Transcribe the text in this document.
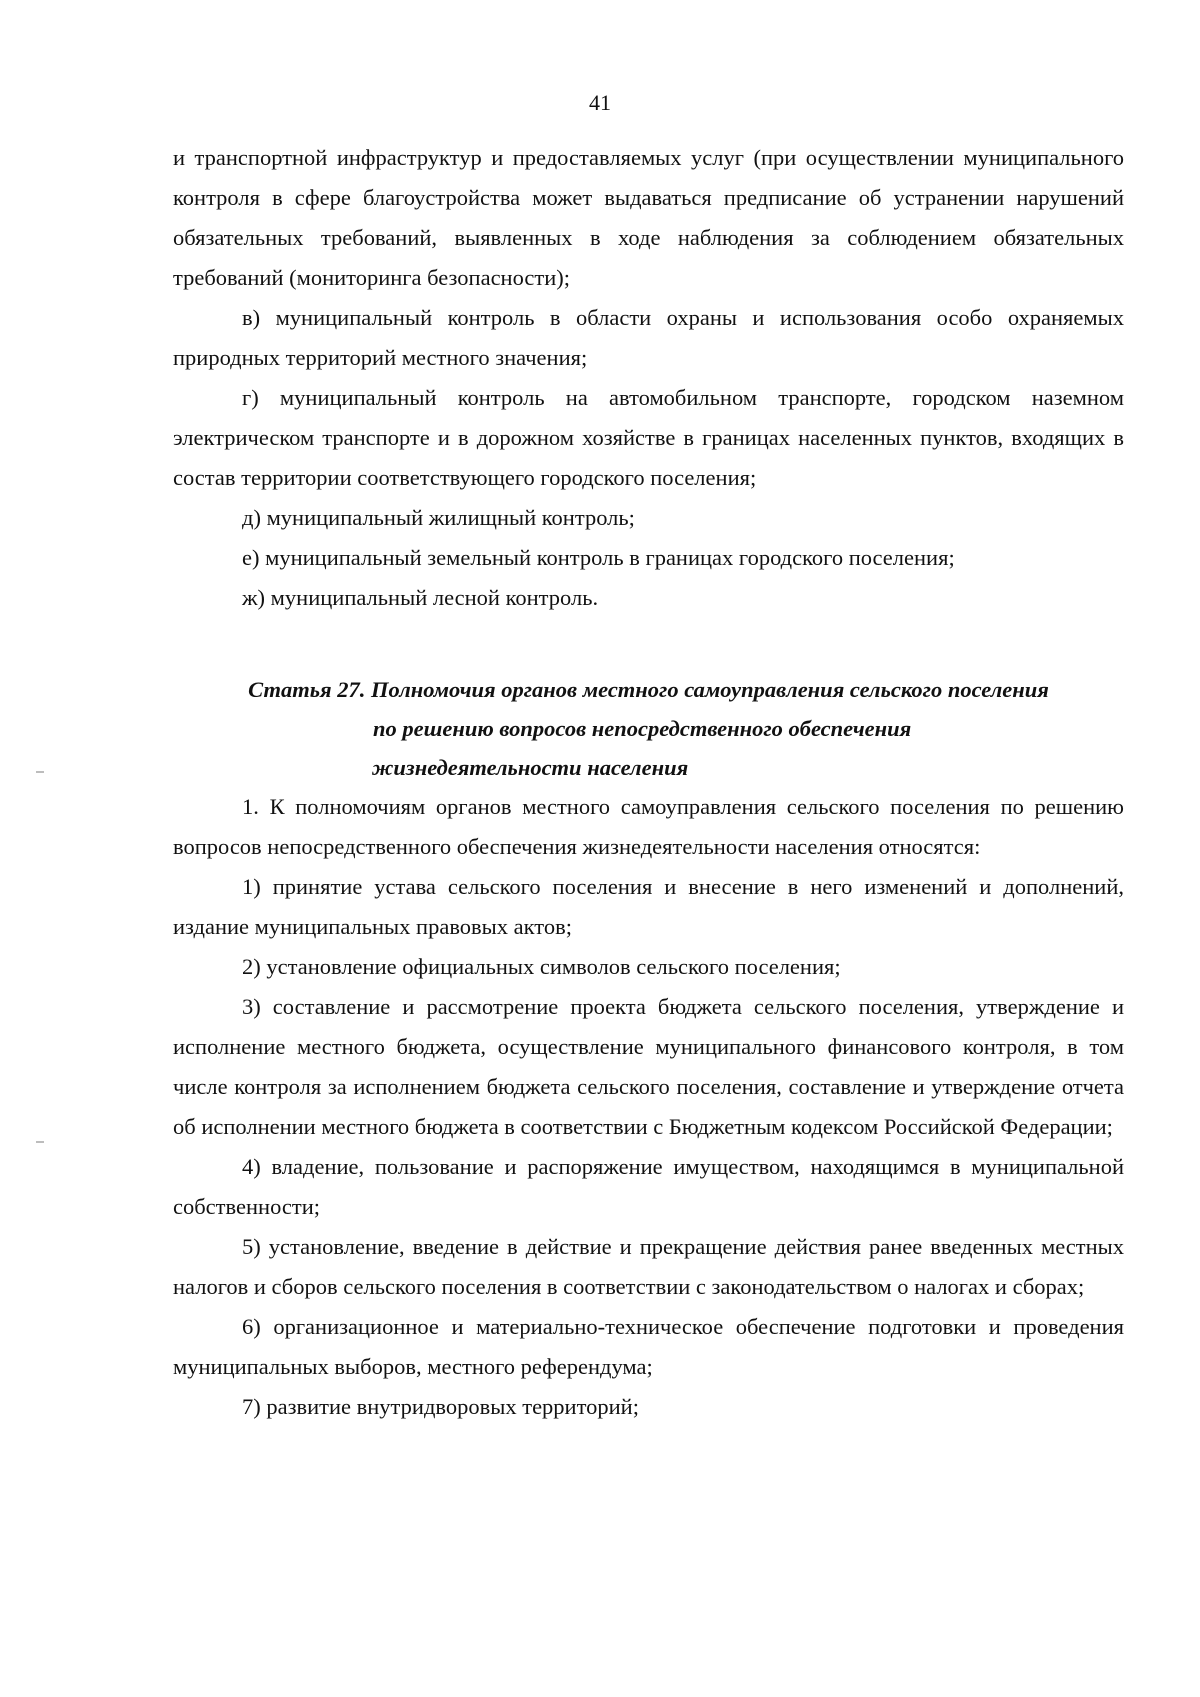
41

и транспортной инфраструктур и предоставляемых услуг (при осуществлении муниципального контроля в сфере благоустройства может выдаваться предписание об устранении нарушений обязательных требований, выявленных в ходе наблюдения за соблюдением обязательных требований (мониторинга безопасности);

в) муниципальный контроль в области охраны и использования особо охраняемых природных территорий местного значения;

г) муниципальный контроль на автомобильном транспорте, городском наземном электрическом транспорте и в дорожном хозяйстве в границах населенных пунктов, входящих в состав территории соответствующего городского поселения;

д) муниципальный жилищный контроль;

е) муниципальный земельный контроль в границах городского поселения;

ж) муниципальный лесной контроль.

Статья 27. Полномочия органов местного самоуправления сельского поселения
по решению вопросов непосредственного обеспечения
жизнедеятельности населения

1. К полномочиям органов местного самоуправления сельского поселения по решению вопросов непосредственного обеспечения жизнедеятельности населения относятся:

1) принятие устава сельского поселения и внесение в него изменений и дополнений, издание муниципальных правовых актов;

2) установление официальных символов сельского поселения;

3) составление и рассмотрение проекта бюджета сельского поселения, утверждение и исполнение местного бюджета, осуществление муниципального финансового контроля, в том числе контроля за исполнением бюджета сельского поселения, составление и утверждение отчета об исполнении местного бюджета в соответствии с Бюджетным кодексом Российской Федерации;

4) владение, пользование и распоряжение имуществом, находящимся в муниципальной собственности;

5) установление, введение в действие и прекращение действия ранее введенных местных налогов и сборов сельского поселения в соответствии с законодательством о налогах и сборах;

6) организационное и материально-техническое обеспечение подготовки и проведения муниципальных выборов, местного референдума;

7) развитие внутридворовых территорий;
